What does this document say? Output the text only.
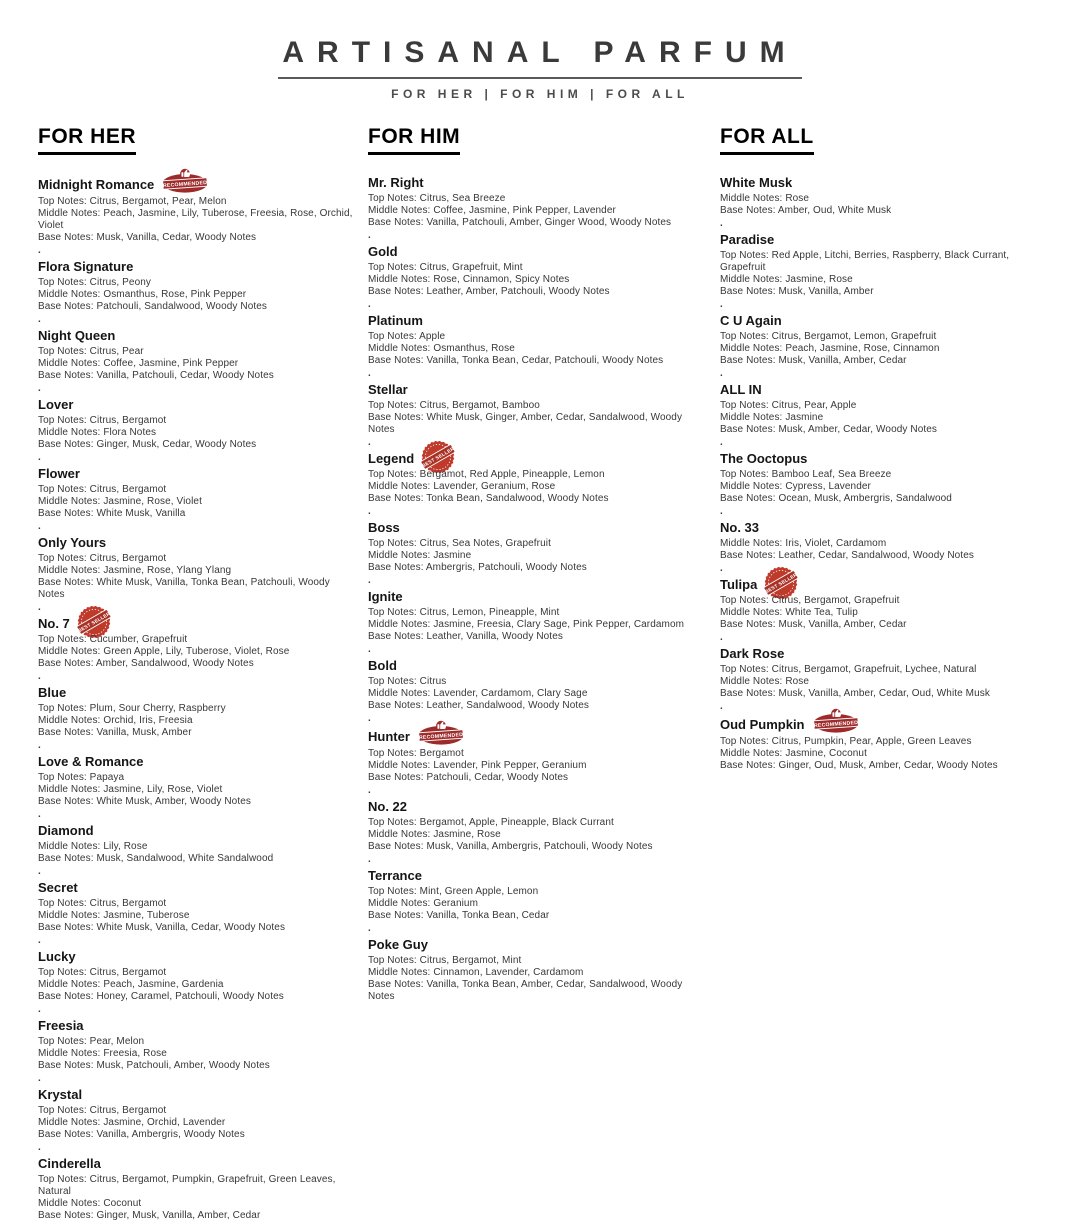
ARTISANAL PARFUM
FOR HER | FOR HIM | FOR ALL
FOR HER
Midnight Romance RECOMMENDED

Top Notes: Citrus, Bergamot, Pear, Melon

Middle Notes: Peach, Jasmine, Lily, Tuberose, Freesia, Rose, Orchid, Violet

Base Notes: Musk, Vanilla, Cedar, Woody Notes

.
Flora Signature

Top Notes: Citrus, Peony

Middle Notes: Osmanthus, Rose, Pink Pepper

Base Notes: Patchouli, Sandalwood, Woody Notes

.
Night Queen

Top Notes: Citrus, Pear

Middle Notes: Coffee, Jasmine, Pink Pepper

Base Notes: Vanilla, Patchouli, Cedar, Woody Notes

.
Lover

Top Notes: Citrus, Bergamot

Middle Notes: Flora Notes

Base Notes: Ginger, Musk, Cedar, Woody Notes

.
Flower

Top Notes: Citrus, Bergamot

Middle Notes: Jasmine, Rose, Violet

Base Notes: White Musk, Vanilla

.
Only Yours

Top Notes: Citrus, Bergamot

Middle Notes: Jasmine, Rose, Ylang Ylang

Base Notes: White Musk, Vanilla, Tonka Bean, Patchouli, Woody Notes

.
No. 7 BEST SELLER

Top Notes: Cucumber, Grapefruit

Middle Notes: Green Apple, Lily, Tuberose, Violet, Rose

Base Notes: Amber, Sandalwood, Woody Notes

.
Blue

Top Notes: Plum, Sour Cherry, Raspberry

Middle Notes: Orchid, Iris, Freesia

Base Notes: Vanilla, Musk, Amber

.
Love & Romance

Top Notes: Papaya

Middle Notes: Jasmine, Lily, Rose, Violet

Base Notes: White Musk, Amber, Woody Notes

.
Diamond

Middle Notes: Lily, Rose

Base Notes: Musk, Sandalwood, White Sandalwood

.
Secret

Top Notes: Citrus, Bergamot

Middle Notes: Jasmine, Tuberose

Base Notes: White Musk, Vanilla, Cedar, Woody Notes

.
Lucky

Top Notes: Citrus, Bergamot

Middle Notes: Peach, Jasmine, Gardenia

Base Notes: Honey, Caramel, Patchouli, Woody Notes

.
Freesia

Top Notes: Pear, Melon

Middle Notes: Freesia, Rose

Base Notes: Musk, Patchouli, Amber, Woody Notes

.
Krystal

Top Notes: Citrus, Bergamot

Middle Notes: Jasmine, Orchid, Lavender

Base Notes: Vanilla, Ambergris, Woody Notes

.
Cinderella

Top Notes: Citrus, Bergamot, Pumpkin, Grapefruit, Green Leaves, Natural

Middle Notes: Coconut

Base Notes: Ginger, Musk, Vanilla, Amber, Cedar

FOR HIM
Mr. Right

Top Notes: Citrus, Sea Breeze

Middle Notes: Coffee, Jasmine, Pink Pepper, Lavender

Base Notes: Vanilla, Patchouli, Amber, Ginger Wood, Woody Notes

.
Gold

Top Notes: Citrus, Grapefruit, Mint

Middle Notes: Rose, Cinnamon, Spicy Notes

Base Notes: Leather, Amber, Patchouli, Woody Notes

.
Platinum

Top Notes: Apple

Middle Notes: Osmanthus, Rose

Base Notes: Vanilla, Tonka Bean, Cedar, Patchouli, Woody Notes

.
Stellar

Top Notes: Citrus, Bergamot, Bamboo

Base Notes: White Musk, Ginger, Amber, Cedar, Sandalwood, Woody Notes

.
Legend BEST SELLER

Top Notes: Bergamot, Red Apple, Pineapple, Lemon

Middle Notes: Lavender, Geranium, Rose

Base Notes: Tonka Bean, Sandalwood, Woody Notes

.
Boss

Top Notes: Citrus, Sea Notes, Grapefruit

Middle Notes: Jasmine

Base Notes: Ambergris, Patchouli, Woody Notes

.
Ignite

Top Notes: Citrus, Lemon, Pineapple, Mint

Middle Notes: Jasmine, Freesia, Clary Sage, Pink Pepper, Cardamom

Base Notes: Leather, Vanilla, Woody Notes

.
Bold

Top Notes: Citrus

Middle Notes: Lavender, Cardamom, Clary Sage

Base Notes: Leather, Sandalwood, Woody Notes

.
Hunter RECOMMENDED

Top Notes: Bergamot

Middle Notes: Lavender, Pink Pepper, Geranium

Base Notes: Patchouli, Cedar, Woody Notes

.
No. 22

Top Notes: Bergamot, Apple, Pineapple, Black Currant

Middle Notes: Jasmine, Rose

Base Notes: Musk, Vanilla, Ambergris, Patchouli, Woody Notes

.
Terrance

Top Notes: Mint, Green Apple, Lemon

Middle Notes: Geranium

Base Notes: Vanilla, Tonka Bean, Cedar

.
Poke Guy

Top Notes: Citrus, Bergamot, Mint

Middle Notes: Cinnamon, Lavender, Cardamom

Base Notes: Vanilla, Tonka Bean, Amber, Cedar, Sandalwood, Woody Notes

FOR ALL
White Musk

Middle Notes: Rose

Base Notes: Amber, Oud, White Musk

.
Paradise

Top Notes: Red Apple, Litchi, Berries, Raspberry, Black Currant, Grapefruit

Middle Notes: Jasmine, Rose

Base Notes: Musk, Vanilla, Amber

.
C U Again

Top Notes: Citrus, Bergamot, Lemon, Grapefruit

Middle Notes: Peach, Jasmine, Rose, Cinnamon

Base Notes: Musk, Vanilla, Amber, Cedar

.
ALL IN

Top Notes: Citrus, Pear, Apple

Middle Notes: Jasmine

Base Notes: Musk, Amber, Cedar, Woody Notes

.
The Ooctopus

Top Notes: Bamboo Leaf, Sea Breeze

Middle Notes: Cypress, Lavender

Base Notes: Ocean, Musk, Ambergris, Sandalwood

.
No. 33

Middle Notes: Iris, Violet, Cardamom

Base Notes: Leather, Cedar, Sandalwood, Woody Notes

.
Tulipa BEST SELLER

Top Notes: Citrus, Bergamot, Grapefruit

Middle Notes: White Tea, Tulip

Base Notes: Musk, Vanilla, Amber, Cedar

.
Dark Rose

Top Notes: Citrus, Bergamot, Grapefruit, Lychee, Natural

Middle Notes: Rose

Base Notes: Musk, Vanilla, Amber, Cedar, Oud, White Musk

.
Oud Pumpkin RECOMMENDED

Top Notes: Citrus, Pumpkin, Pear, Apple, Green Leaves

Middle Notes: Jasmine, Coconut

Base Notes: Ginger, Oud, Musk, Amber, Cedar, Woody Notes
